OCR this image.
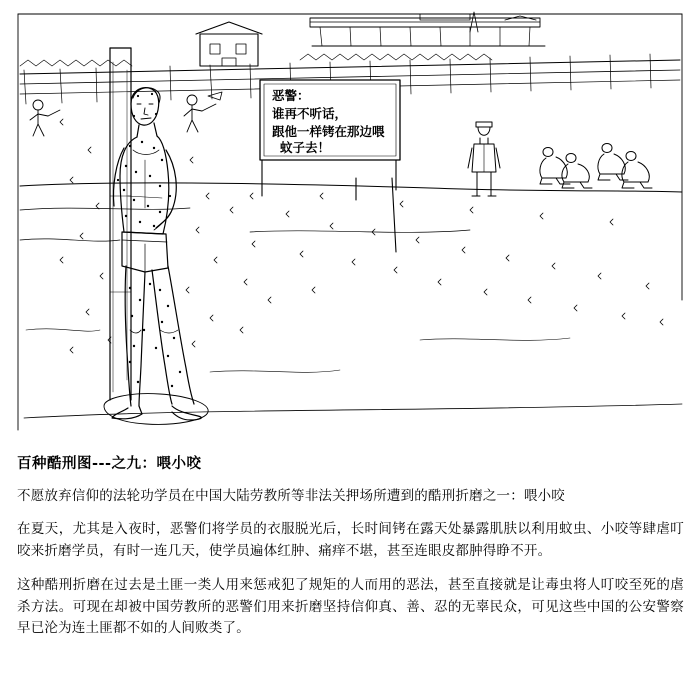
恶警：
谁再不听话，
跟他一样铐在那边喂
蚊子去！
百种酷刑图---之九：喂小咬
不愿放弃信仰的法轮功学员在中国大陆劳教所等非法关押场所遭到的酷刑折磨之一：喂小咬
在夏天，尤其是入夜时，恶警们将学员的衣服脱光后，长时间铐在露天处暴露肌肤以利用蚊虫、小咬等肆虐叮咬来折磨学员，有时一连几天，使学员遍体红肿、痛痒不堪，甚至连眼皮都肿得睁不开。
这种酷刑折磨在过去是土匪一类人用来惩戒犯了规矩的人而用的恶法，甚至直接就是让毒虫将人叮咬至死的虐杀方法。可现在却被中国劳教所的恶警们用来折磨坚持信仰真、善、忍的无辜民众，可见这些中国的公安警察早已沦为连土匪都不如的人间败类了。
